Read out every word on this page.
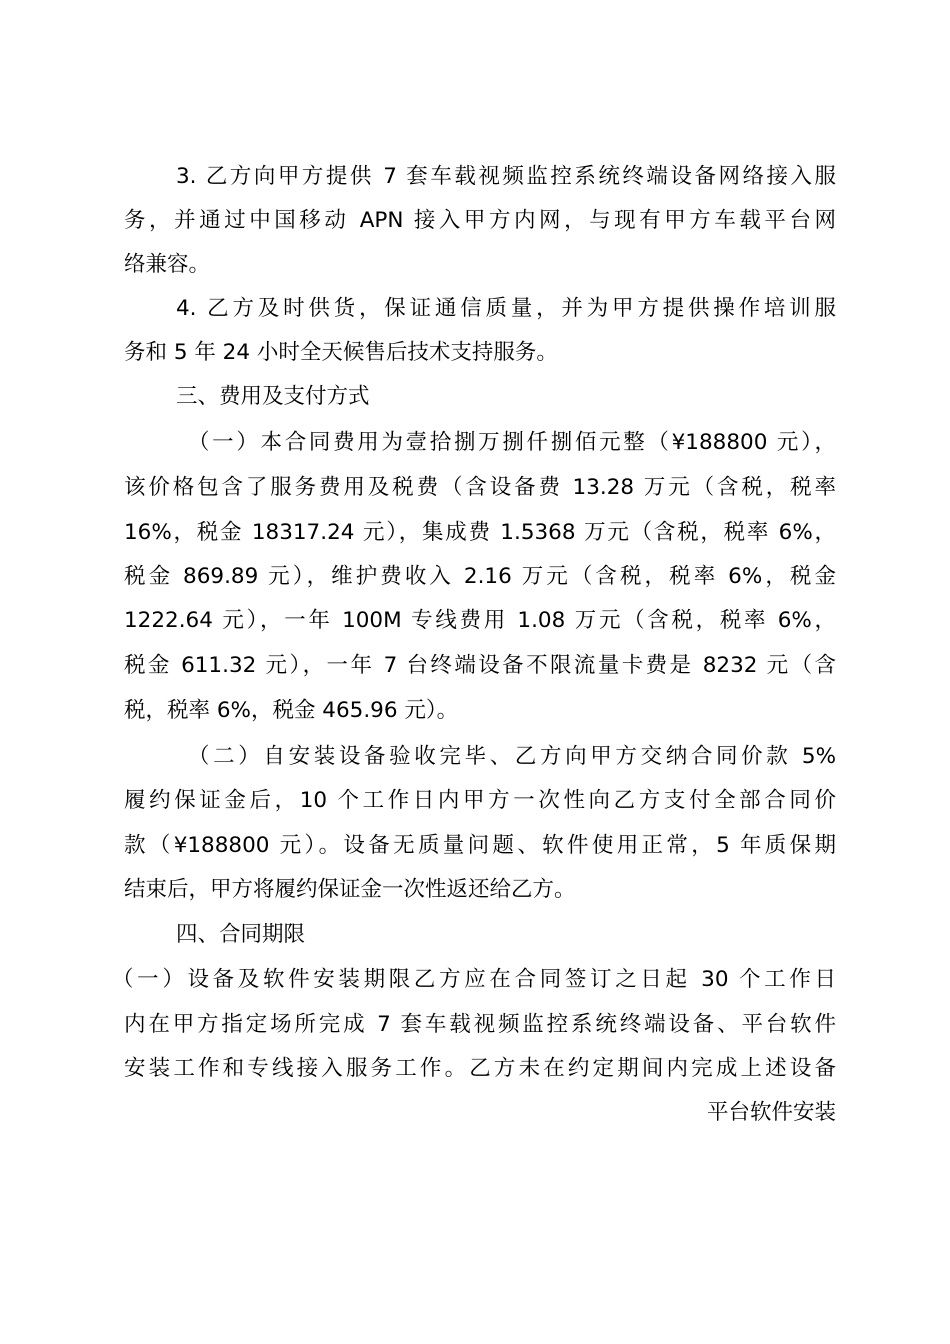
3. 乙方向甲方提供 7 套车载视频监控系统终端设备网络接入服
务，并通过中国移动 APN 接入甲方内网，与现有甲方车载平台网
络兼容。
4. 乙方及时供货，保证通信质量，并为甲方提供操作培训服
务和 5 年 24 小时全天候售后技术支持服务。
三、费用及支付方式
（一）本合同费用为壹拾捌万捌仟捌佰元整（¥188800 元），
该价格包含了服务费用及税费（含设备费 13.28 万元（含税，税率
16%，税金 18317.24 元），集成费 1.5368 万元（含税，税率 6%，
税金 869.89 元），维护费收入 2.16 万元（含税，税率 6%，税金
1222.64 元），一年 100M 专线费用 1.08 万元（含税，税率 6%，
税金 611.32 元），一年 7 台终端设备不限流量卡费是 8232 元（含
税，税率 6%，税金 465.96 元）。
（二）自安装设备验收完毕、乙方向甲方交纳合同价款 5%
履约保证金后，10 个工作日内甲方一次性向乙方支付全部合同价
款（¥188800 元）。设备无质量问题、软件使用正常，5 年质保期
结束后，甲方将履约保证金一次性返还给乙方。
四、合同期限
（一）设备及软件安装期限乙方应在合同签订之日起 30 个工作日
内在甲方指定场所完成 7 套车载视频监控系统终端设备、平台软件
安装工作和专线接入服务工作。乙方未在约定期间内完成上述设备
平台软件安装
